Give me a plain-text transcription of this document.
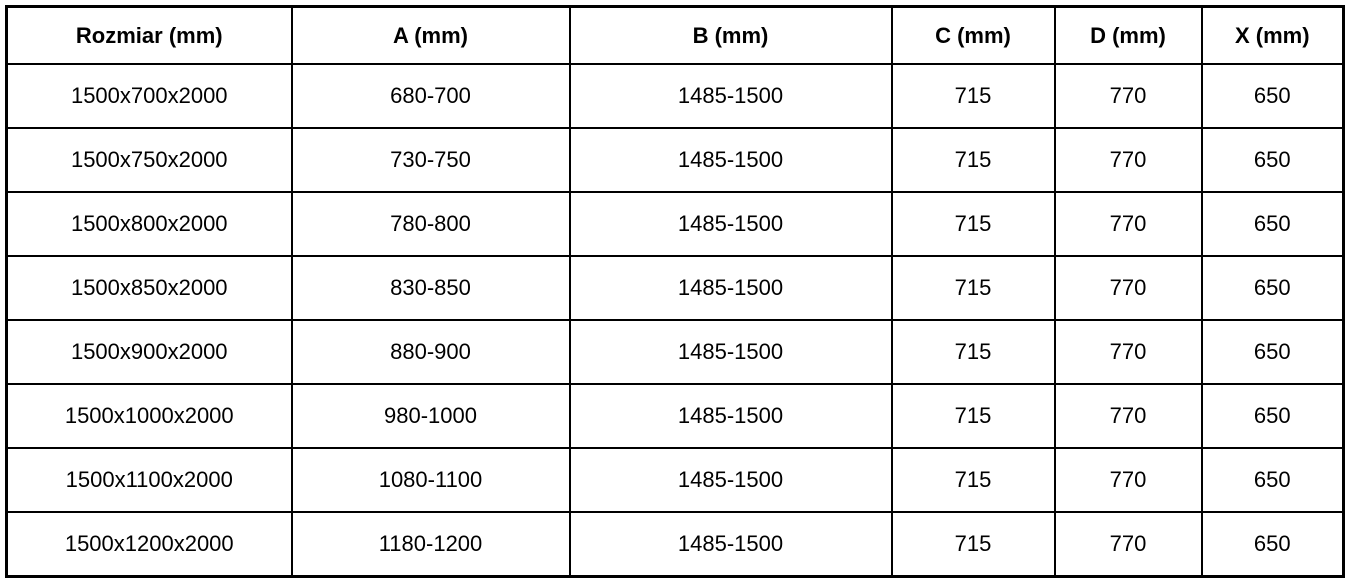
Rozmiar (mm)	A (mm)	B (mm)	C (mm)	D (mm)	X (mm)
1500x700x2000	680-700	1485-1500	715	770	650
1500x750x2000	730-750	1485-1500	715	770	650
1500x800x2000	780-800	1485-1500	715	770	650
1500x850x2000	830-850	1485-1500	715	770	650
1500x900x2000	880-900	1485-1500	715	770	650
1500x1000x2000	980-1000	1485-1500	715	770	650
1500x1100x2000	1080-1100	1485-1500	715	770	650
1500x1200x2000	1180-1200	1485-1500	715	770	650
